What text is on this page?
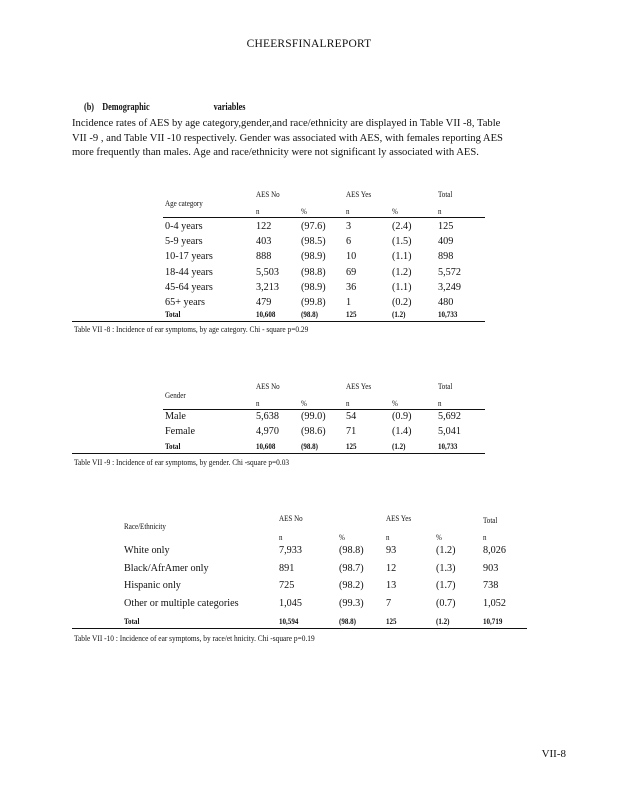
CHEERSFINALREPORT
(b) Demographic	variables
Incidence rates of AES by age category,gender,and race/ethnicity are displayed in Table VII -8, Table
VII -9 , and Table VII -10 respectively. Gender was associated with AES, with females reporting AES
more frequently than males. Age and race/ethnicity were not significant ly associated with AES.
Age category
AES No	AES Yes	Total
n	%	n	%	n
0-4 years	122	(97.6) 3	(2.4)	125
5-9 years	403	(98.5) 6	(1.5)	409
10-17 years	888	(98.9) 10	(1.1)	898
18-44 years	5,503 (98.8) 69	(1.2)	5,572
45-64 years	3,213 (98.9) 36	(1.1)	3,249
65+ years	479	(99.8) 1	(0.2)	480
Total	10,608	(98.8)	125	(1.2)	10,733
Table VII -8 : Incidence of ear symptoms, by age category. Chi - square p=0.29
Gender
AES No	AES Yes	Total
n	%	n	%	n
Male	5,638 (99.0) 54	(0.9)	5,692
Female	4,970 (98.6) 71	(1.4)	5,041
Total	10,608	(98.8)	125	(1.2)	10,733
Table VII -9 : Incidence of ear symptoms, by gender. Chi -square p=0.03
Race/Ethnicity
AES No	AES Yes	Total
n	%	n	%	n
White only	7,933	(98.8) 93	(1.2)	8,026
Black/AfrAmer only	891	(98.7) 12	(1.3)	903
Hispanic only	725	(98.2) 13	(1.7)	738
Other or multiple categories	1,045	(99.3) 7	(0.7)	1,052
Total	10,594	(98.8)	125	(1.2)	10,719
Table VII -10 : Incidence of ear symptoms, by race/et hnicity. Chi -square p=0.19
VII-8
